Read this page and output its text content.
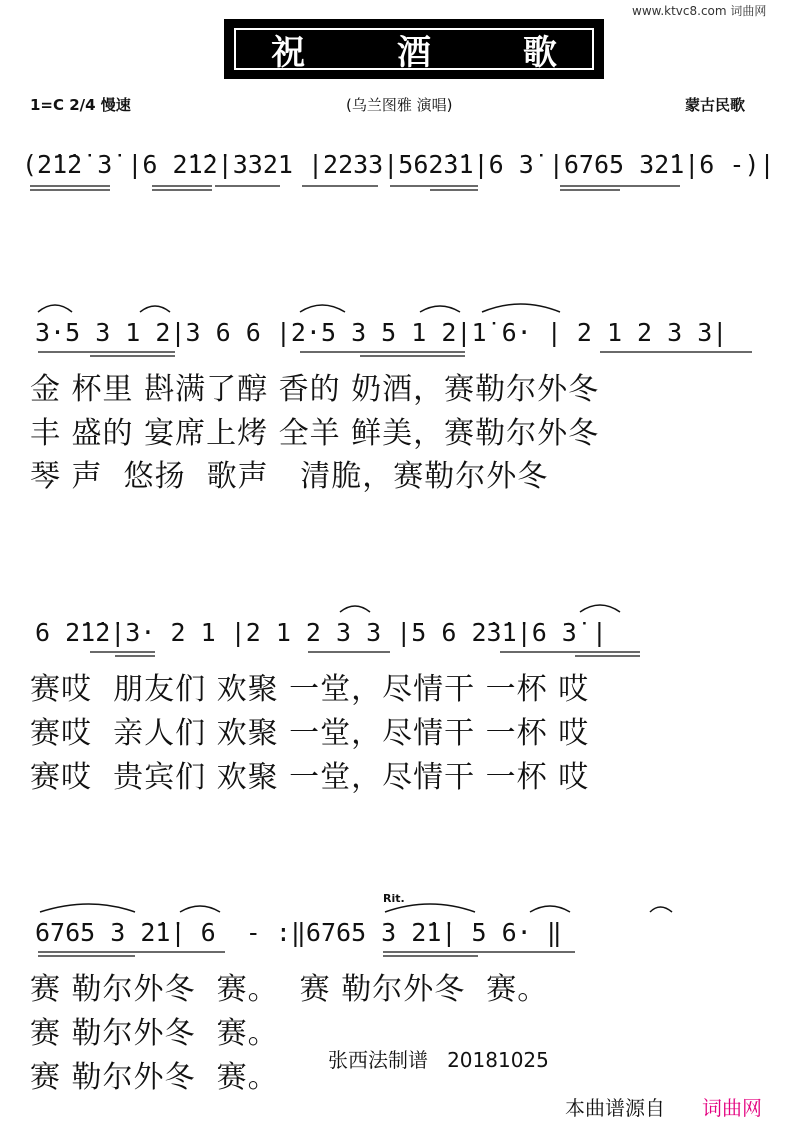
www.ktvc8.com 词曲网

祝 酒 歌

1=C 2/4 慢速	(乌兰图雅 演唱)	蒙古民歌
(2̇1̇2̇ 3̇ |6 2̇1̇2̇|3321 |2233|562̇3̇1̇|6 3̇ |6765 32̇1̇|6 -)|
3·5 3 1 2|3 6 6 |2·5 3 5 1 2|1̇ 6· | 2 1 2 3 3|
金 杯里 斟满了醇 香的 奶酒，赛勒尔外冬
丰 盛的 宴席上烤 全羊 鲜美，赛勒尔外冬
琴 声  悠扬  歌声   清脆，赛勒尔外冬
6 2̇1̇2̇|3· 2 1 |2 1 2 3 3 |5 6 2̇3̇1̇|6 3̇ |
赛哎  朋友们 欢聚 一堂，尽情干 一杯 哎
赛哎  亲人们 欢聚 一堂，尽情干 一杯 哎
赛哎  贵宾们 欢聚 一堂，尽情干 一杯 哎
Rit.
6765 3 2̇1̇| 6  - :‖6765 3 2̇1̇| 5 6· ‖
赛 勒尔外冬  赛。  赛 勒尔外冬  赛。
赛 勒尔外冬  赛。
赛 勒尔外冬  赛。 张西法制谱   20181025
本曲谱源自 词曲网
